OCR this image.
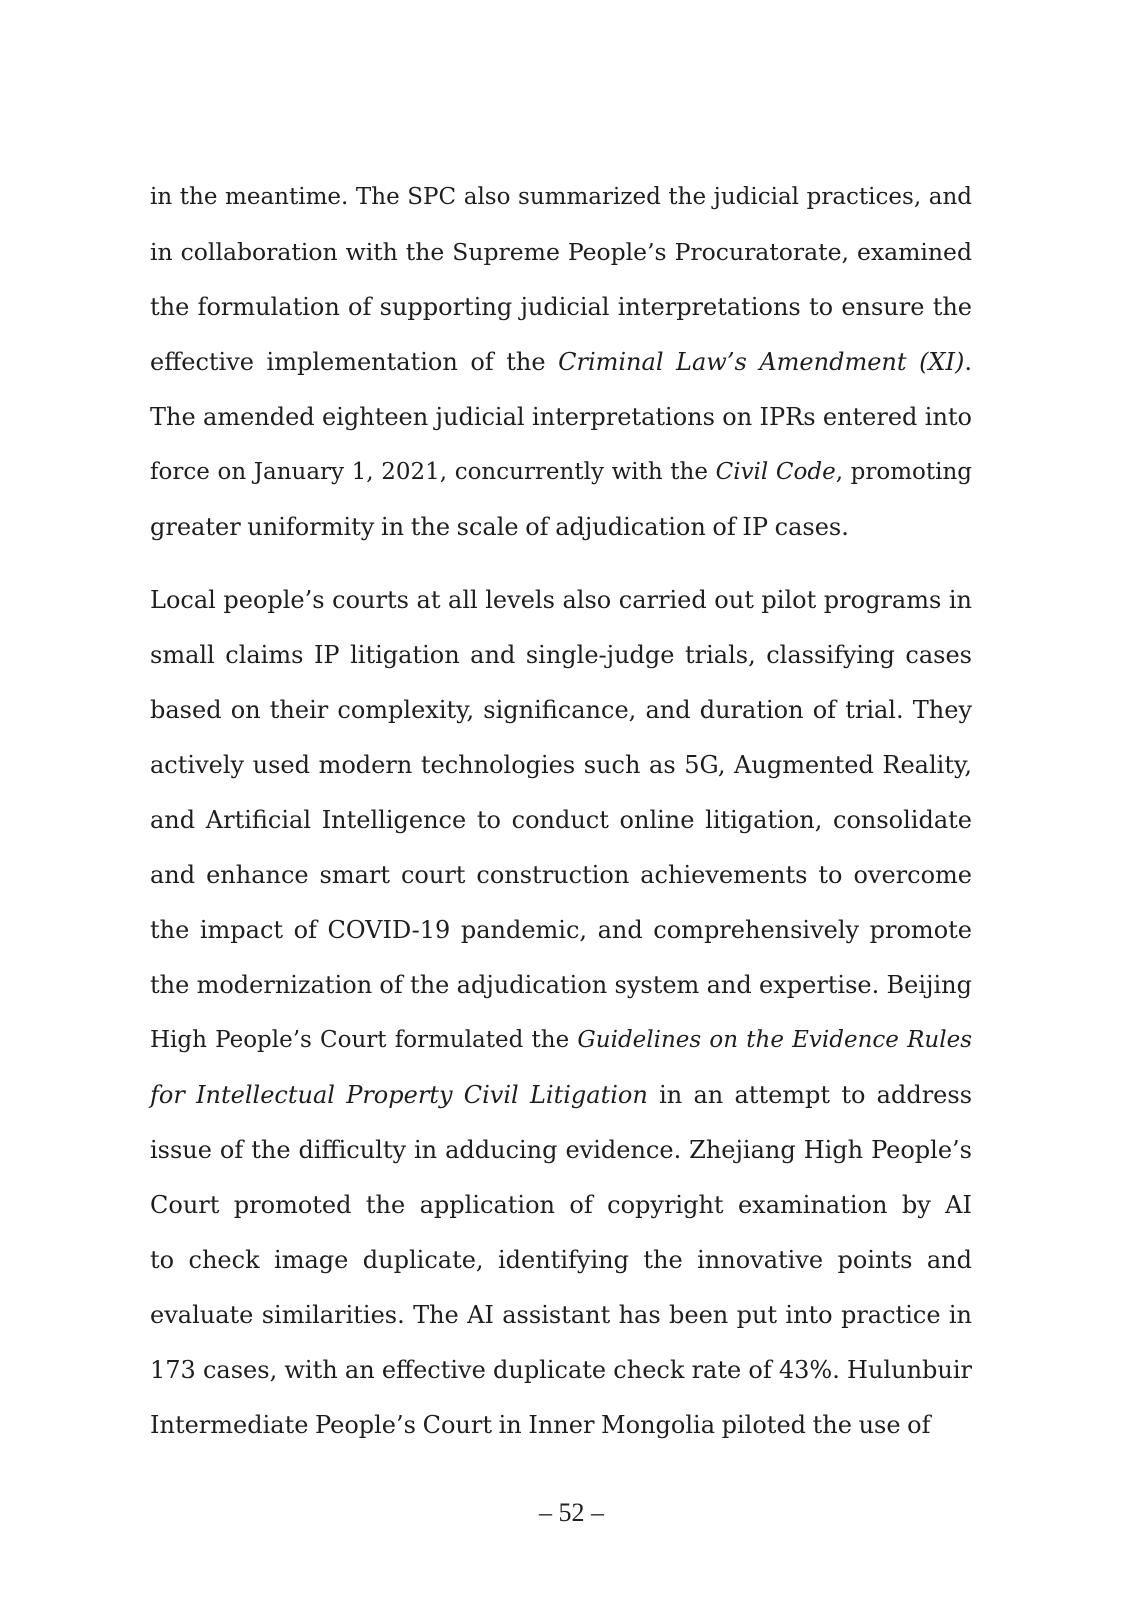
in the meantime. The SPC also summarized the judicial practices, and
in collaboration with the Supreme People’s Procuratorate, examined
the formulation of supporting judicial interpretations to ensure the
effective implementation of the Criminal Law’s Amendment (XI).
The amended eighteen judicial interpretations on IPRs entered into
force on January 1, 2021, concurrently with the Civil Code, promoting
greater uniformity in the scale of adjudication of IP cases.
Local people’s courts at all levels also carried out pilot programs in
small claims IP litigation and single-judge trials, classifying cases
based on their complexity, significance, and duration of trial. They
actively used modern technologies such as 5G, Augmented Reality,
and Artificial Intelligence to conduct online litigation, consolidate
and enhance smart court construction achievements to overcome
the impact of COVID-19 pandemic, and comprehensively promote
the modernization of the adjudication system and expertise. Beijing
High People’s Court formulated the Guidelines on the Evidence Rules
for Intellectual Property Civil Litigation in an attempt to address
issue of the difficulty in adducing evidence. Zhejiang High People’s
Court promoted the application of copyright examination by AI
to check image duplicate, identifying the innovative points and
evaluate similarities. The AI assistant has been put into practice in
173 cases, with an effective duplicate check rate of 43%. Hulunbuir
Intermediate People’s Court in Inner Mongolia piloted the use of
– 52 –
